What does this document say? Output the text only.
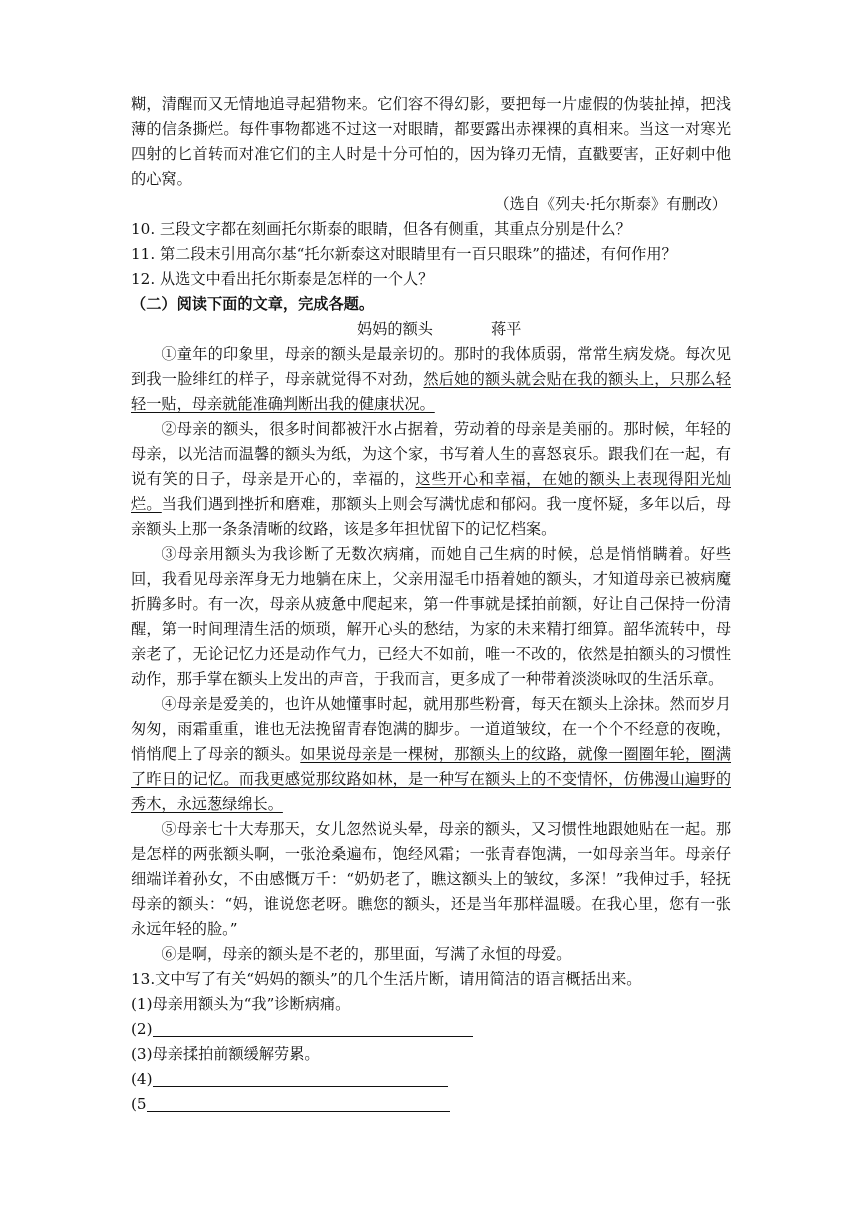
糊，清醒而又无情地追寻起猎物来。它们容不得幻影，要把每一片虚假的伪装扯掉，把浅薄的信条撕烂。每件事物都逃不过这一对眼睛，都要露出赤裸裸的真相来。当这一对寒光四射的匕首转而对准它们的主人时是十分可怕的，因为锋刃无情，直戳要害，正好刺中他的心窝。

（选自《列夫·托尔斯泰》有删改）

10. 三段文字都在刻画托尔斯泰的眼睛，但各有侧重，其重点分别是什么？

11. 第二段末引用高尔基“托尔新泰这对眼睛里有一百只眼珠”的描述，有何作用？

12. 从选文中看出托尔斯泰是怎样的一个人？

（二）阅读下面的文章，完成各题。

妈妈的额头	蒋平

①童年的印象里，母亲的额头是最亲切的。那时的我体质弱，常常生病发烧。每次见到我一脸绯红的样子，母亲就觉得不对劲，然后她的额头就会贴在我的额头上，只那么轻轻一贴，母亲就能准确判断出我的健康状况。

②母亲的额头，很多时间都被汗水占据着，劳动着的母亲是美丽的。那时候，年轻的母亲，以光洁而温馨的额头为纸，为这个家，书写着人生的喜怒哀乐。跟我们在一起，有说有笑的日子，母亲是开心的，幸福的，这些开心和幸福，在她的额头上表现得阳光灿烂。当我们遇到挫折和磨难，那额头上则会写满忧虑和郁闷。我一度怀疑，多年以后，母亲额头上那一条条清晰的纹路，该是多年担忧留下的记忆档案。

③母亲用额头为我诊断了无数次病痛，而她自己生病的时候，总是悄悄瞒着。好些回，我看见母亲浑身无力地躺在床上，父亲用湿毛巾捂着她的额头，才知道母亲已被病魔折腾多时。有一次，母亲从疲惫中爬起来，第一件事就是揉拍前额，好让自己保持一份清醒，第一时间理清生活的烦琐，解开心头的愁结，为家的未来精打细算。韶华流转中，母亲老了，无论记忆力还是动作气力，已经大不如前，唯一不改的，依然是拍额头的习惯性动作，那手掌在额头上发出的声音，于我而言，更多成了一种带着淡淡咏叹的生活乐章。

④母亲是爱美的，也许从她懂事时起，就用那些粉膏，每天在额头上涂抹。然而岁月匆匆，雨霜重重，谁也无法挽留青春饱满的脚步。一道道皱纹，在一个个不经意的夜晚，悄悄爬上了母亲的额头。如果说母亲是一棵树，那额头上的纹路，就像一圈圈年轮，圈满了昨日的记忆。而我更感觉那纹路如林，是一种写在额头上的不变情怀，仿佛漫山遍野的秀木，永远葱绿绵长。

⑤母亲七十大寿那天，女儿忽然说头晕，母亲的额头，又习惯性地跟她贴在一起。那是怎样的两张额头啊，一张沧桑遍布，饱经风霜；一张青春饱满，一如母亲当年。母亲仔细端详着孙女，不由感慨万千：“奶奶老了，瞧这额头上的皱纹，多深！”我伸过手，轻抚母亲的额头：“妈，谁说您老呀。瞧您的额头，还是当年那样温暖。在我心里，您有一张永远年轻的脸。”

⑥是啊，母亲的额头是不老的，那里面，写满了永恒的母爱。

13.文中写了有关“妈妈的额头”的几个生活片断，请用简洁的语言概括出来。

(1)母亲用额头为“我”诊断病痛。

(2)

(3)母亲揉拍前额缓解劳累。

(4)

(5
